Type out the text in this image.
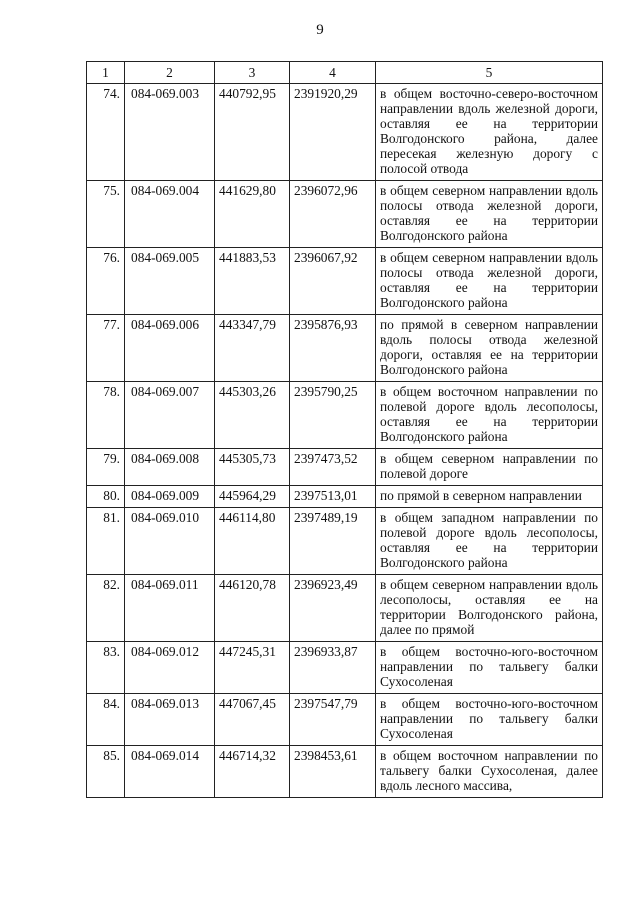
9
1	2	3	4	5
74.	084-069.003	440792,95	2391920,29	в общем восточно-северо-восточном направлении вдоль железной дороги, оставляя ее на территории Волгодонского района, далее пересекая железную дорогу с полосой отвода
75.	084-069.004	441629,80	2396072,96	в общем северном направлении вдоль полосы отвода железной дороги, оставляя ее на территории Волгодонского района
76.	084-069.005	441883,53	2396067,92	в общем северном направлении вдоль полосы отвода железной дороги, оставляя ее на территории Волгодонского района
77.	084-069.006	443347,79	2395876,93	по прямой в северном направлении вдоль полосы отвода железной дороги, оставляя ее на территории Волгодонского района
78.	084-069.007	445303,26	2395790,25	в общем восточном направлении по полевой дороге вдоль лесополосы, оставляя ее на территории Волгодонского района
79.	084-069.008	445305,73	2397473,52	в общем северном направлении по полевой дороге
80.	084-069.009	445964,29	2397513,01	по прямой в северном направлении
81.	084-069.010	446114,80	2397489,19	в общем западном направлении по полевой дороге вдоль лесополосы, оставляя ее на территории Волгодонского района
82.	084-069.011	446120,78	2396923,49	в общем северном направлении вдоль лесополосы, оставляя ее на территории Волгодонского района, далее по прямой
83.	084-069.012	447245,31	2396933,87	в общем восточно-юго-восточном направлении по тальвегу балки Сухосоленая
84.	084-069.013	447067,45	2397547,79	в общем восточно-юго-восточном направлении по тальвегу балки Сухосоленая
85.	084-069.014	446714,32	2398453,61	в общем восточном направлении по тальвегу балки Сухосоленая, далее вдоль лесного массива,
